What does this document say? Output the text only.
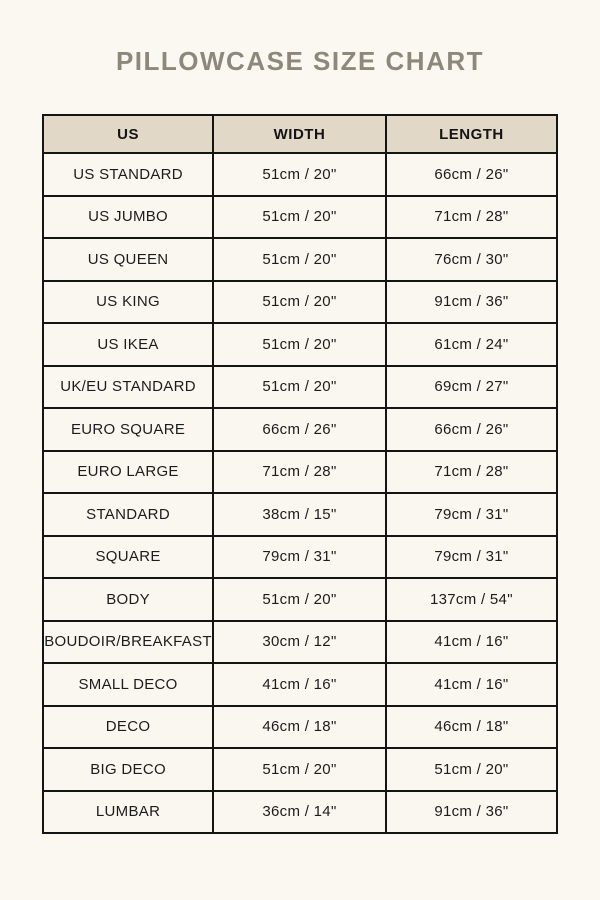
PILLOWCASE SIZE CHART
US	WIDTH	LENGTH
US STANDARD	51cm / 20"	66cm / 26"
US JUMBO	51cm / 20"	71cm / 28"
US QUEEN	51cm / 20"	76cm / 30"
US KING	51cm / 20"	91cm / 36"
US IKEA	51cm / 20"	61cm / 24"
UK/EU STANDARD	51cm / 20"	69cm / 27"
EURO SQUARE	66cm / 26"	66cm / 26"
EURO LARGE	71cm / 28"	71cm / 28"
STANDARD	38cm / 15"	79cm / 31"
SQUARE	79cm / 31"	79cm / 31"
BODY	51cm / 20"	137cm / 54"
BOUDOIR/BREAKFAST	30cm / 12"	41cm / 16"
SMALL DECO	41cm / 16"	41cm / 16"
DECO	46cm / 18"	46cm / 18"
BIG DECO	51cm / 20"	51cm / 20"
LUMBAR	36cm / 14"	91cm / 36"
